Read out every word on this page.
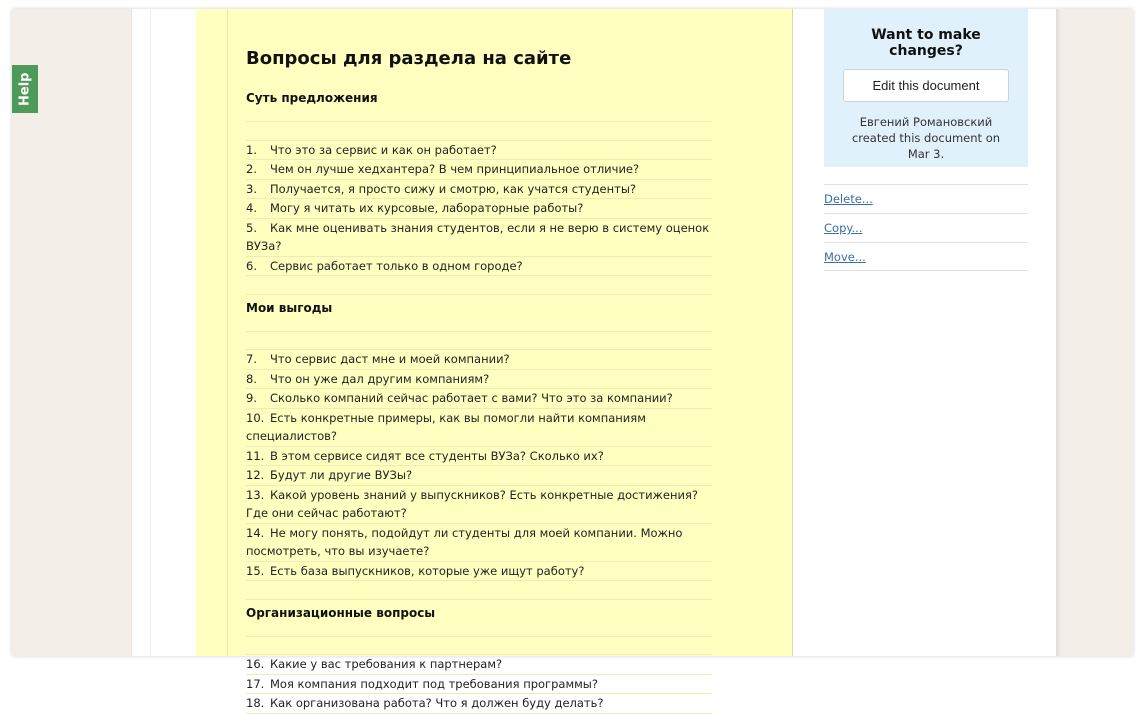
Help
Вопросы для раздела на сайте
Суть предложения
1. Что это за сервис и как он работает?
2. Чем он лучше хедхантера? В чем принципиальное отличие?
3. Получается, я просто сижу и смотрю, как учатся студенты?
4. Могу я читать их курсовые, лабораторные работы?
5. Как мне оценивать знания студентов, если я не верю в систему оценок ВУЗа?
6. Сервис работает только в одном городе?
Мои выгоды
7. Что сервис даст мне и моей компании?
8. Что он уже дал другим компаниям?
9. Сколько компаний сейчас работает с вами? Что это за компании?
10. Есть конкретные примеры, как вы помогли найти компаниям специалистов?
11. В этом сервисе сидят все студенты ВУЗа? Сколько их?
12. Будут ли другие ВУЗы?
13. Какой уровень знаний у выпускников? Есть конкретные достижения? Где они сейчас работают?
14. Не могу понять, подойдут ли студенты для моей компании. Можно посмотреть, что вы изучаете?
15. Есть база выпускников, которые уже ищут работу?
Организационные вопросы
16. Какие у вас требования к партнерам?
17. Моя компания подходит под требования программы?
18. Как организована работа? Что я должен буду делать?
Want to make changes?
Edit this document
Евгений Романовский
created this document on
Mar 3.
Delete...
Copy...
Move...
